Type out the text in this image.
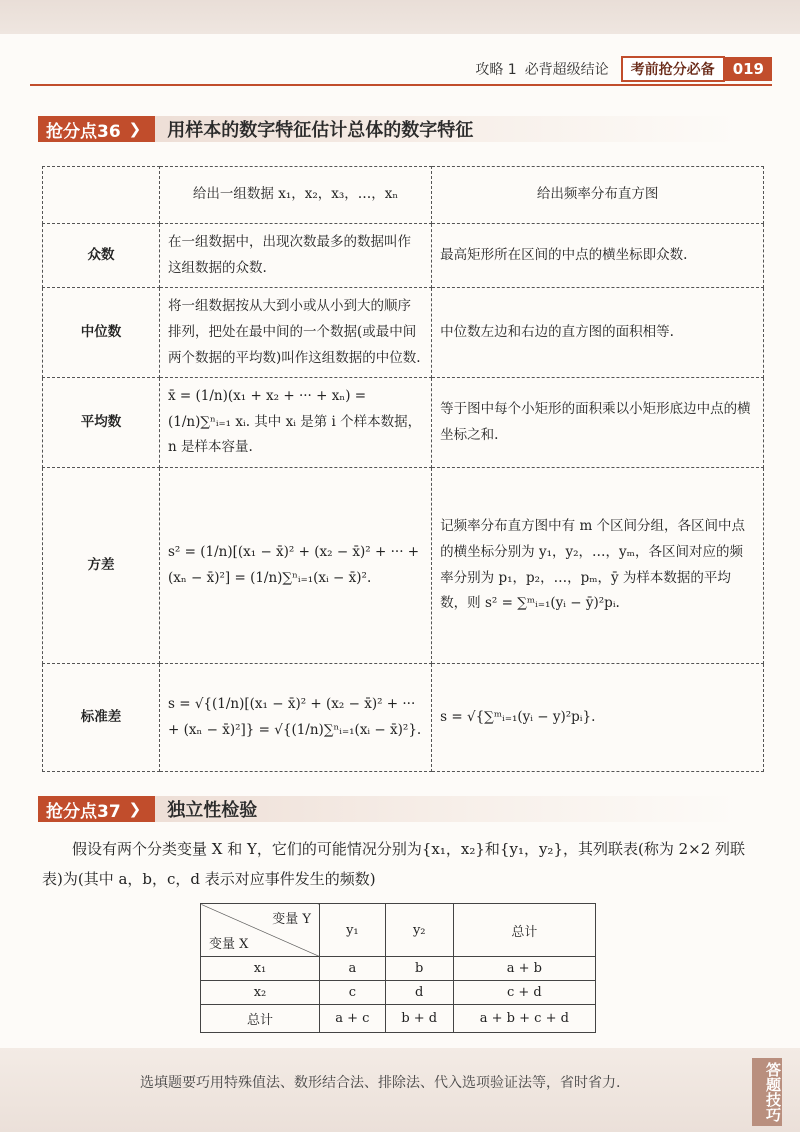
攻略 1 必背超级结论	考前抢分必备	019
抢分点36 ❯ 用样本的数字特征估计总体的数字特征
	给出一组数据 x₁，x₂，x₃，…，xₙ	给出频率分布直方图
众数	在一组数据中，出现次数最多的数据叫作这组数据的众数.	最高矩形所在区间的中点的横坐标即众数.
中位数	将一组数据按从大到小或从小到大的顺序排列，把处在最中间的一个数据(或最中间两个数据的平均数)叫作这组数据的中位数.	中位数左边和右边的直方图的面积相等.
平均数	x̄ = (1/n)(x₁ + x₂ + ··· + xₙ) = (1/n)∑ⁿᵢ₌₁ xᵢ. 其中 xᵢ 是第 i 个样本数据，n 是样本容量.	等于图中每个小矩形的面积乘以小矩形底边中点的横坐标之和.
方差	s² = (1/n)[(x₁ − x̄)² + (x₂ − x̄)² + ··· + (xₙ − x̄)²] = (1/n)∑ⁿᵢ₌₁(xᵢ − x̄)².	记频率分布直方图中有 m 个区间分组，各区间中点的横坐标分别为 y₁，y₂，…，yₘ，各区间对应的频率分别为 p₁，p₂，…，pₘ，ȳ 为样本数据的平均数，则 s² = ∑ᵐᵢ₌₁(yᵢ − ȳ)²pᵢ.
标准差	s = √{(1/n)[(x₁ − x̄)² + (x₂ − x̄)² + ··· + (xₙ − x̄)²]} = √{(1/n)∑ⁿᵢ₌₁(xᵢ − x̄)²}.	s = √{∑ᵐᵢ₌₁(yᵢ − y)²pᵢ}.
抢分点37 ❯ 独立性检验
假设有两个分类变量 X 和 Y，它们的可能情况分别为{x₁，x₂}和{y₁，y₂}，其列联表(称为 2×2 列联表)为(其中 a，b，c，d 表示对应事件发生的频数)
变量 Y
变量 X	y₁	y₂	总计
x₁	a	b	a + b
x₂	c	d	c + d
总计	a + c	b + d	a + b + c + d
选填题要巧用特殊值法、数形结合法、排除法、代入选项验证法等，省时省力.	答题技巧
